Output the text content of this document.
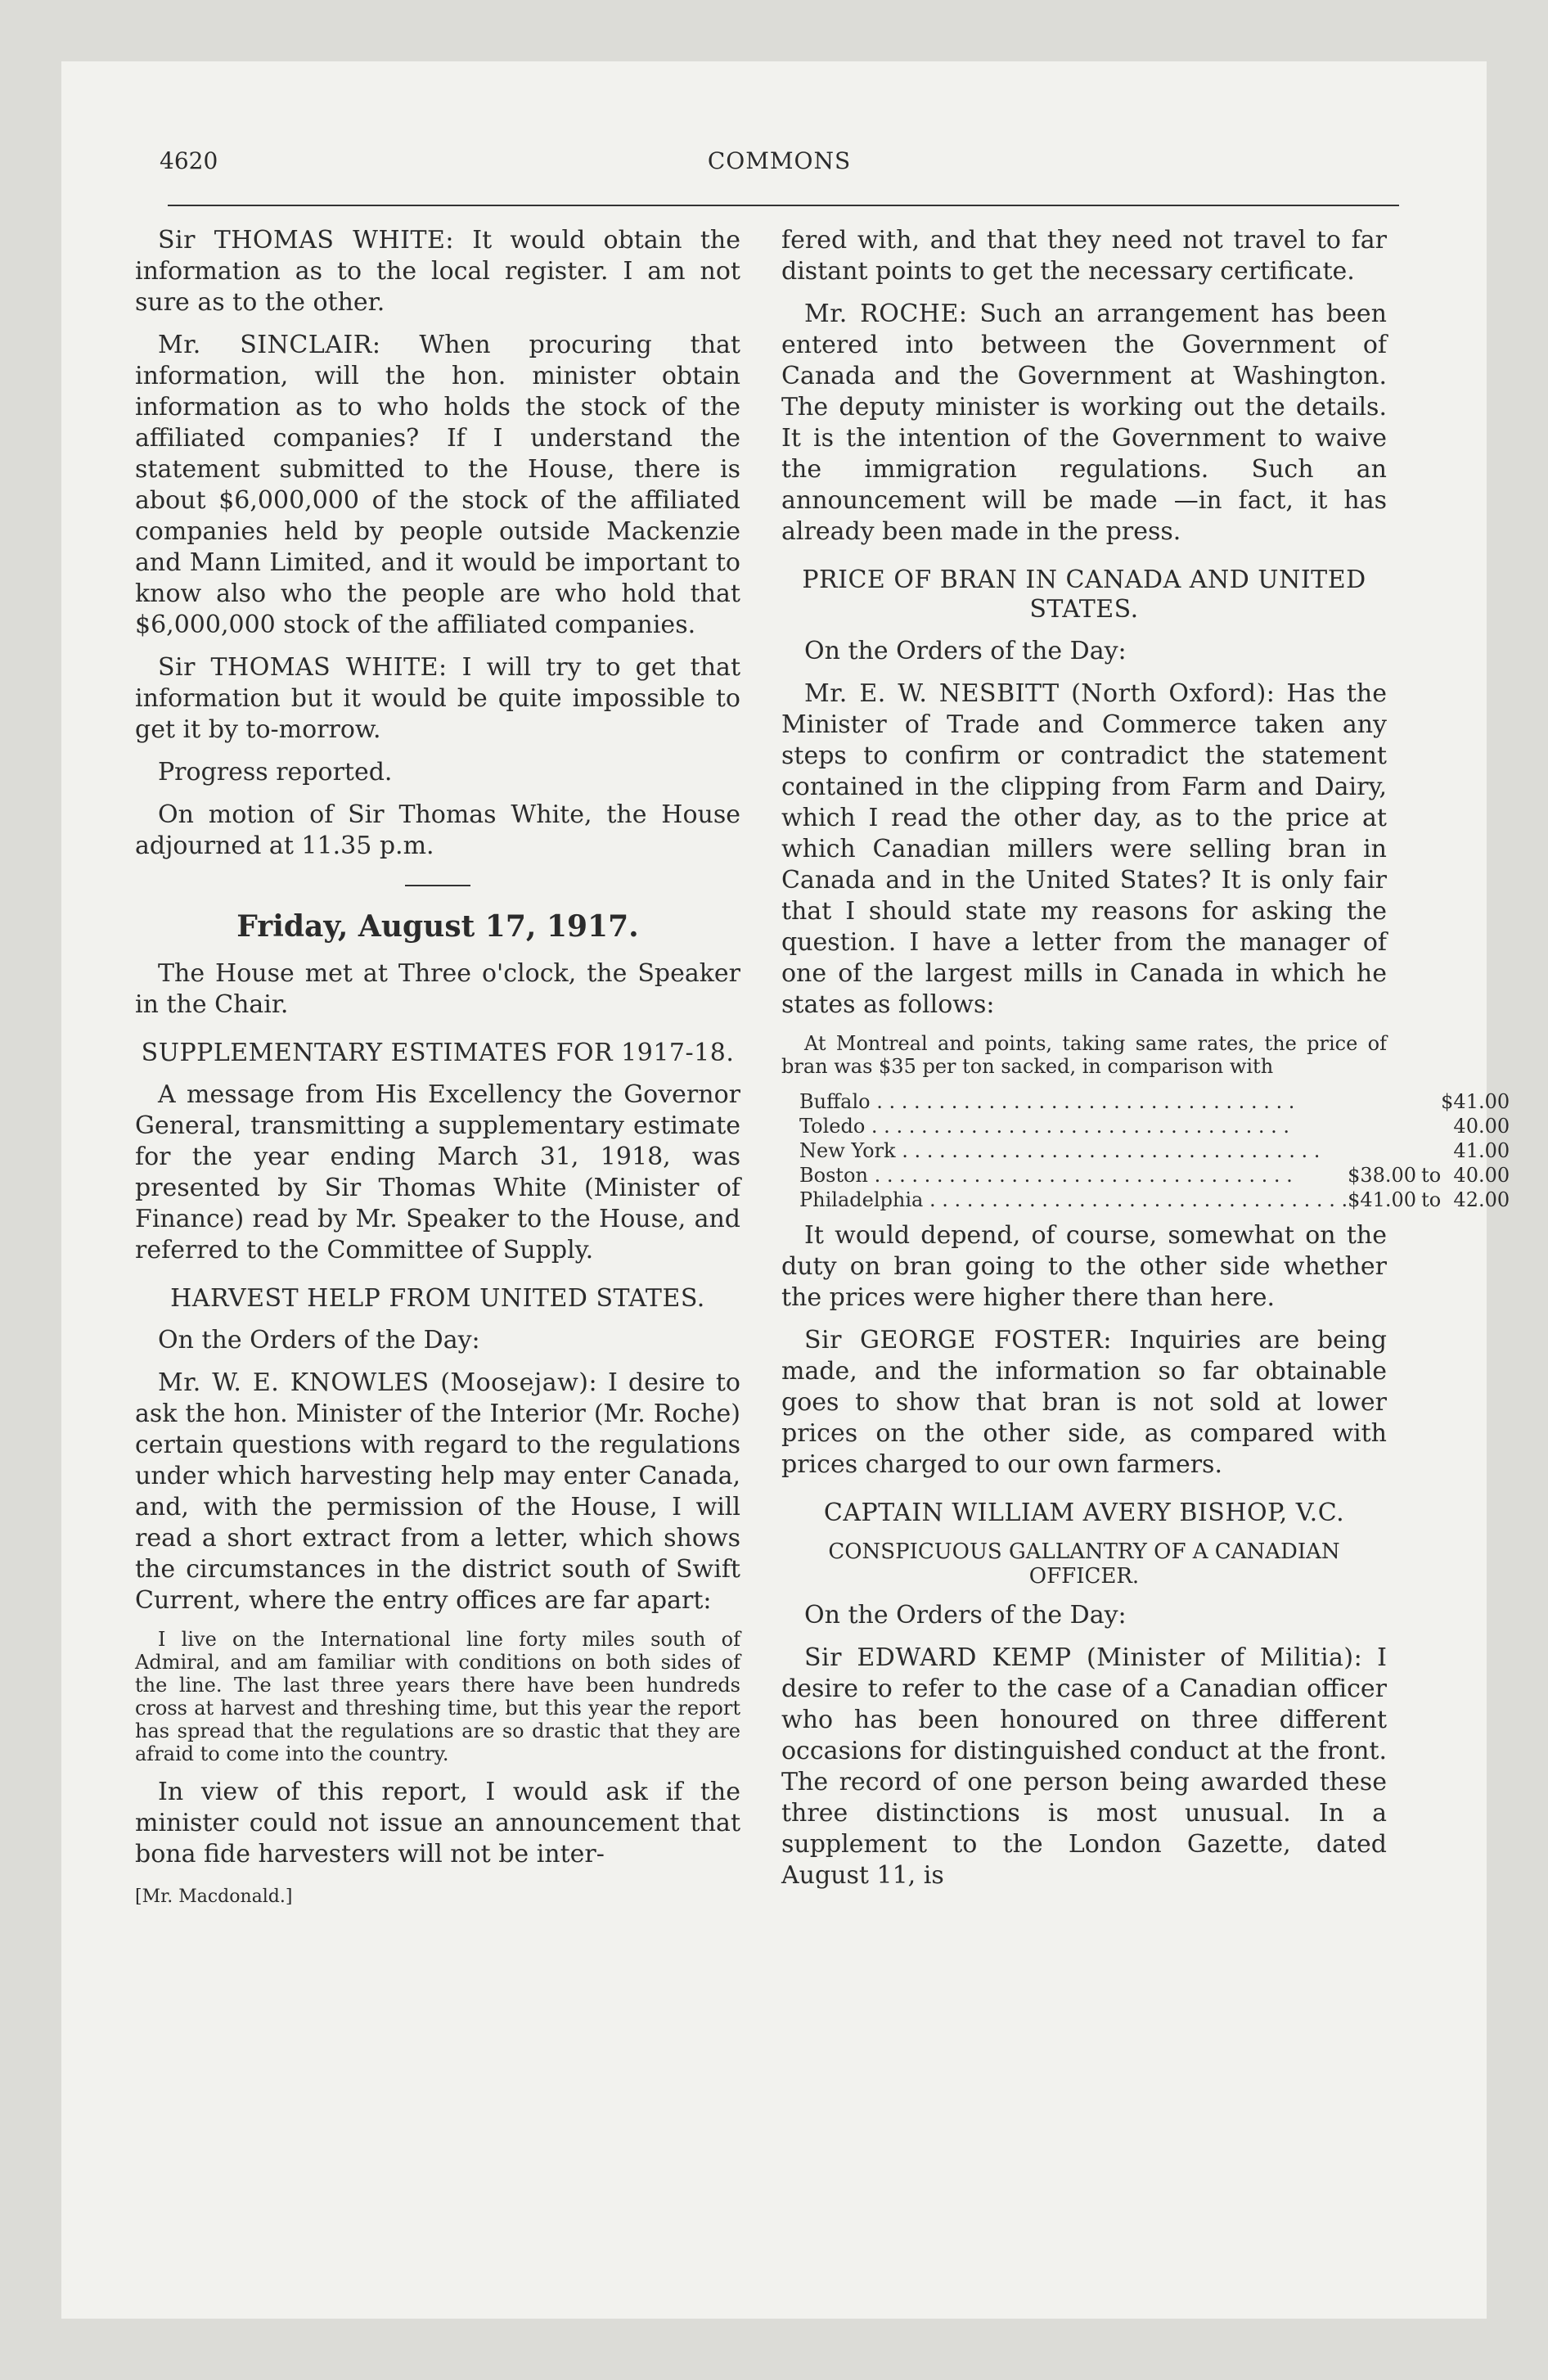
4620	COMMONS

Sir THOMAS WHITE: It would obtain the information as to the local register. I am not sure as to the other.

Mr. SINCLAIR: When procuring that information, will the hon. minister obtain information as to who holds the stock of the affiliated companies? If I understand the statement submitted to the House, there is about $6,000,000 of the stock of the affiliated companies held by people outside Mackenzie and Mann Limited, and it would be important to know also who the people are who hold that $6,000,000 stock of the affiliated companies.

Sir THOMAS WHITE: I will try to get that information but it would be quite impossible to get it by to-morrow.

Progress reported.

On motion of Sir Thomas White, the House adjourned at 11.35 p.m.

Friday, August 17, 1917.

The House met at Three o'clock, the Speaker in the Chair.

SUPPLEMENTARY ESTIMATES FOR 1917-18.

A message from His Excellency the Governor General, transmitting a supplementary estimate for the year ending March 31, 1918, was presented by Sir Thomas White (Minister of Finance) read by Mr. Speaker to the House, and referred to the Committee of Supply.

HARVEST HELP FROM UNITED STATES.

On the Orders of the Day:

Mr. W. E. KNOWLES (Moosejaw): I desire to ask the hon. Minister of the Interior (Mr. Roche) certain questions with regard to the regulations under which harvesting help may enter Canada, and, with the permission of the House, I will read a short extract from a letter, which shows the circumstances in the district south of Swift Current, where the entry offices are far apart:

I live on the International line forty miles south of Admiral, and am familiar with conditions on both sides of the line. The last three years there have been hundreds cross at harvest and threshing time, but this year the report has spread that the regulations are so drastic that they are afraid to come into the country.

In view of this report, I would ask if the minister could not issue an announcement that bona fide harvesters will not be inter-

[Mr. Macdonald.]

fered with, and that they need not travel to far distant points to get the necessary certificate.

Mr. ROCHE: Such an arrangement has been entered into between the Government of Canada and the Government at Washington. The deputy minister is working out the details. It is the intention of the Government to waive the immigration regulations. Such an announcement will be made —in fact, it has already been made in the press.

PRICE OF BRAN IN CANADA AND UNITED STATES.

On the Orders of the Day:

Mr. E. W. NESBITT (North Oxford): Has the Minister of Trade and Commerce taken any steps to confirm or contradict the statement contained in the clipping from Farm and Dairy, which I read the other day, as to the price at which Canadian millers were selling bran in Canada and in the United States? It is only fair that I should state my reasons for asking the question. I have a letter from the manager of one of the largest mills in Canada in which he states as follows:

At Montreal and points, taking same rates, the price of bran was $35 per ton sacked, in comparison with

Buffalo . . .			$41.00
Toledo . . .			40.00
New York . . .			41.00
Boston . . .	$38.00	to	40.00
Philadelphia . . .	$41.00	to	42.00

It would depend, of course, somewhat on the duty on bran going to the other side whether the prices were higher there than here.

Sir GEORGE FOSTER: Inquiries are being made, and the information so far obtainable goes to show that bran is not sold at lower prices on the other side, as compared with prices charged to our own farmers.

CAPTAIN WILLIAM AVERY BISHOP, V.C.
CONSPICUOUS GALLANTRY OF A CANADIAN OFFICER.

On the Orders of the Day:

Sir EDWARD KEMP (Minister of Militia): I desire to refer to the case of a Canadian officer who has been honoured on three different occasions for distinguished conduct at the front. The record of one person being awarded these three distinctions is most unusual. In a supplement to the London Gazette, dated August 11, is
